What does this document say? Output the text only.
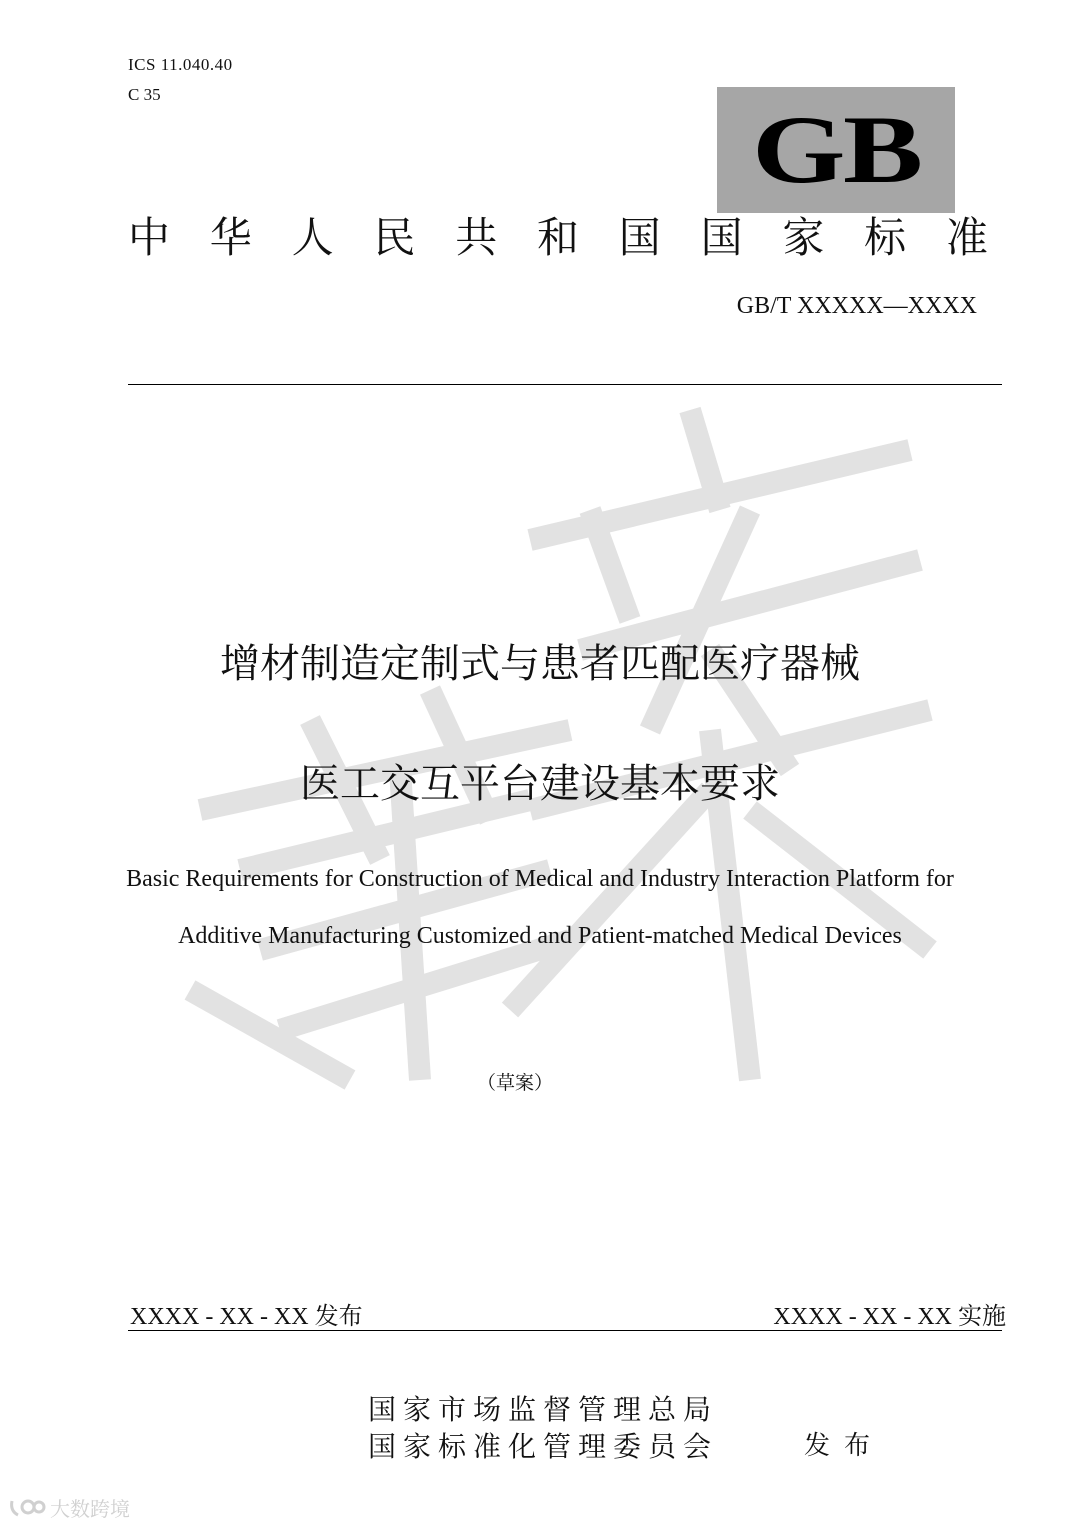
ICS 11.040.40
C 35
GB
中 华 人 民 共 和 国 国 家 标 准
GB/T XXXXX—XXXX
增材制造定制式与患者匹配医疗器械
医工交互平台建设基本要求
Basic Requirements for Construction of Medical and Industry Interaction Platform for
Additive Manufacturing Customized and Patient-matched Medical Devices
（草案）
XXXX - XX - XX 发布	XXXX - XX - XX 实施
国家市场监督管理总局
国家标准化管理委员会	发布
大数跨境
